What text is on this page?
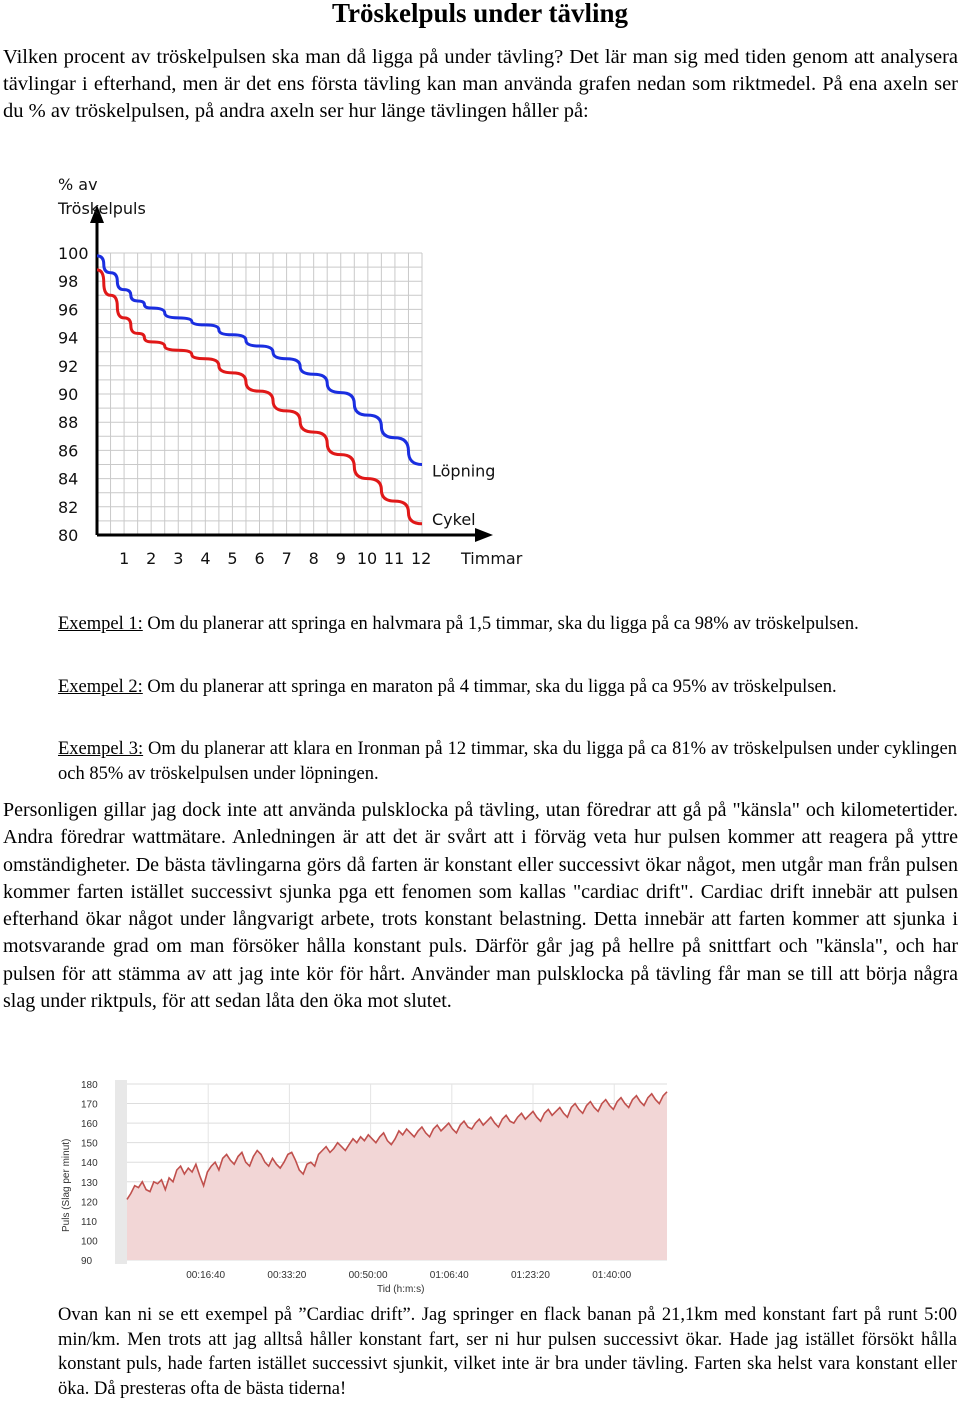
Tröskelpuls under tävling

Vilken procent av tröskelpulsen ska man då ligga på under tävling? Det lär man sig med tiden genom att analysera tävlingar i efterhand, men är det ens första tävling kan man använda grafen nedan som riktmedel. På ena axeln ser du % av tröskelpulsen, på andra axeln ser hur länge tävlingen håller på:

% av
Tröskelpuls
100
98
96
94
92
90
88
86
84
82
80
1 2 3 4 5 6 7 8 9 10 11 12 Timmar
Löpning
Cykel

Exempel 1: Om du planerar att springa en halvmara på 1,5 timmar, ska du ligga på ca 98% av tröskelpulsen.

Exempel 2: Om du planerar att springa en maraton på 4 timmar, ska du ligga på ca 95% av tröskelpulsen.

Exempel 3: Om du planerar att klara en Ironman på 12 timmar, ska du ligga på ca 81% av tröskelpulsen under cyklingen och 85% av tröskelpulsen under löpningen.

Personligen gillar jag dock inte att använda pulsklocka på tävling, utan föredrar att gå på "känsla" och kilometertider. Andra föredrar wattmätare. Anledningen är att det är svårt att i förväg veta hur pulsen kommer att reagera på yttre omständigheter. De bästa tävlingarna görs då farten är konstant eller successivt ökar något, men utgår man från pulsen kommer farten istället successivt sjunka pga ett fenomen som kallas "cardiac drift". Cardiac drift innebär att pulsen efterhand ökar något under långvarigt arbete, trots konstant belastning. Detta innebär att farten kommer att sjunka i motsvarande grad om man försöker hålla konstant puls. Därför går jag på hellre på snittfart och "känsla", och har pulsen för att stämma av att jag inte kör för hårt. Använder man pulsklocka på tävling får man se till att börja några slag under riktpuls, för att sedan låta den öka mot slutet.

180
170
160
150
140
130
120
110
100
90
00:16:40	00:33:20	00:50:00	01:06:40	01:23:20	01:40:00
Tid (h:m:s)
Puls (Slag per minut)

Ovan kan ni se ett exempel på ”Cardiac drift”. Jag springer en flack banan på 21,1km med konstant fart på runt 5:00 min/km. Men trots att jag alltså håller konstant fart, ser ni hur pulsen successivt ökar. Hade jag istället försökt hålla konstant puls, hade farten istället successivt sjunkit, vilket inte är bra under tävling. Farten ska helst vara konstant eller öka. Då presteras ofta de bästa tiderna!
